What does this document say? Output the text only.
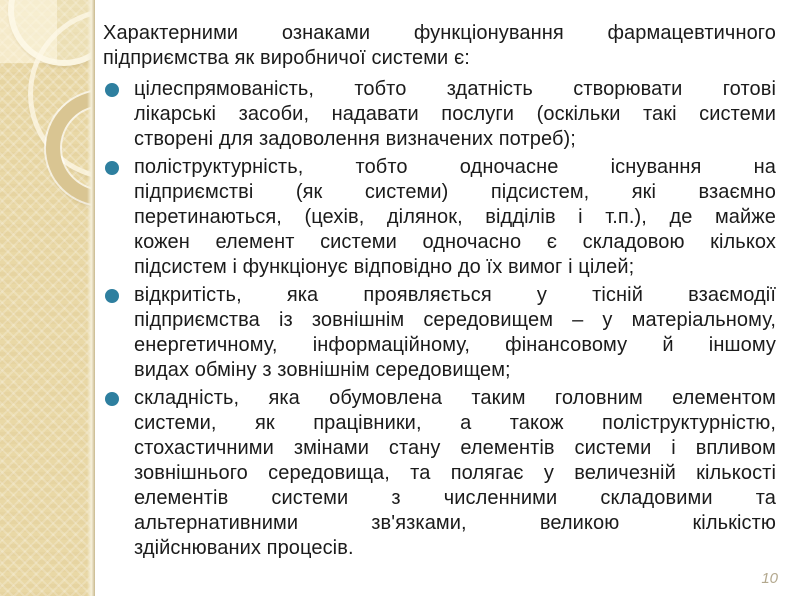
Характерними ознаками функціонування фармацевтичного
підприємства як виробничої системи є:
цілеспрямованість, тобто здатність створювати готові
лікарські засоби, надавати послуги (оскільки такі системи
створені для задоволення визначених потреб);
поліструктурність, тобто одночасне існування на
підприємстві (як системи) підсистем, які взаємно
перетинаються, (цехів, ділянок, відділів і т.п.), де майже
кожен елемент системи одночасно є складовою кількох
підсистем і функціонує відповідно до їх вимог і цілей;
відкритість, яка проявляється у тісній взаємодії
підприємства із зовнішнім середовищем – у матеріальному,
енергетичному, інформаційному, фінансовому й іншому
видах обміну з зовнішнім середовищем;
складність, яка обумовлена таким головним елементом
системи, як працівники, а також поліструктурністю,
стохастичними змінами стану елементів системи і впливом
зовнішнього середовища, та полягає у величезній кількості
елементів системи з численними складовими та
альтернативними зв'язками, великою кількістю
здійснюваних процесів.
10
